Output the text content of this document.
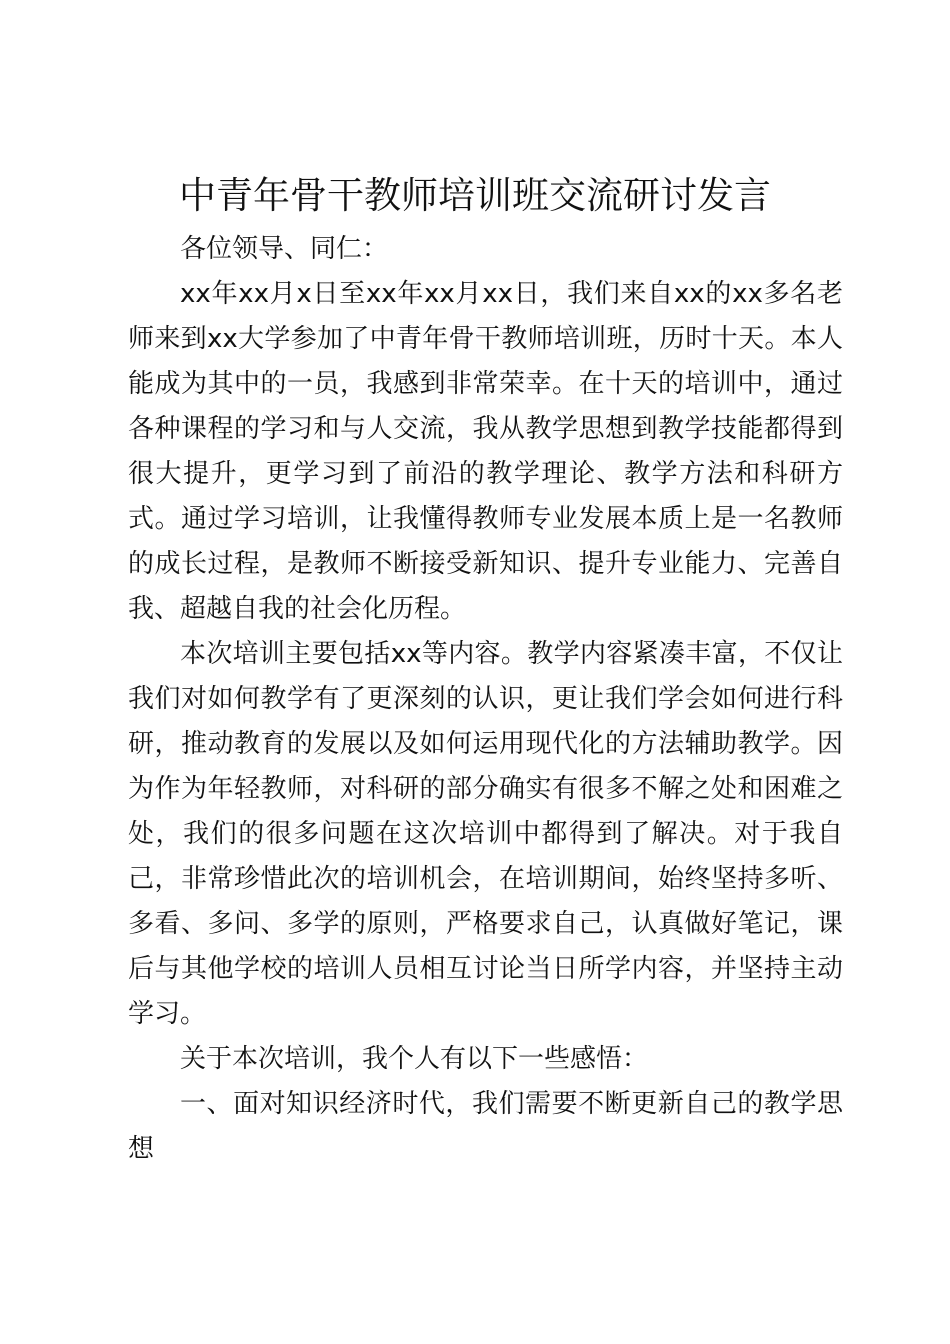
中青年骨干教师培训班交流研讨发言

各位领导、同仁：

xx年xx月x日至xx年xx月xx日，我们来自xx的xx多名老师来到xx大学参加了中青年骨干教师培训班，历时十天。本人能成为其中的一员，我感到非常荣幸。在十天的培训中，通过各种课程的学习和与人交流，我从教学思想到教学技能都得到很大提升，更学习到了前沿的教学理论、教学方法和科研方式。通过学习培训，让我懂得教师专业发展本质上是一名教师的成长过程，是教师不断接受新知识、提升专业能力、完善自我、超越自我的社会化历程。

本次培训主要包括xx等内容。教学内容紧凑丰富，不仅让我们对如何教学有了更深刻的认识，更让我们学会如何进行科研，推动教育的发展以及如何运用现代化的方法辅助教学。因为作为年轻教师，对科研的部分确实有很多不解之处和困难之处，我们的很多问题在这次培训中都得到了解决。对于我自己，非常珍惜此次的培训机会，在培训期间，始终坚持多听、多看、多问、多学的原则，严格要求自己，认真做好笔记，课后与其他学校的培训人员相互讨论当日所学内容，并坚持主动学习。

关于本次培训，我个人有以下一些感悟：

一、面对知识经济时代，我们需要不断更新自己的教学思想
